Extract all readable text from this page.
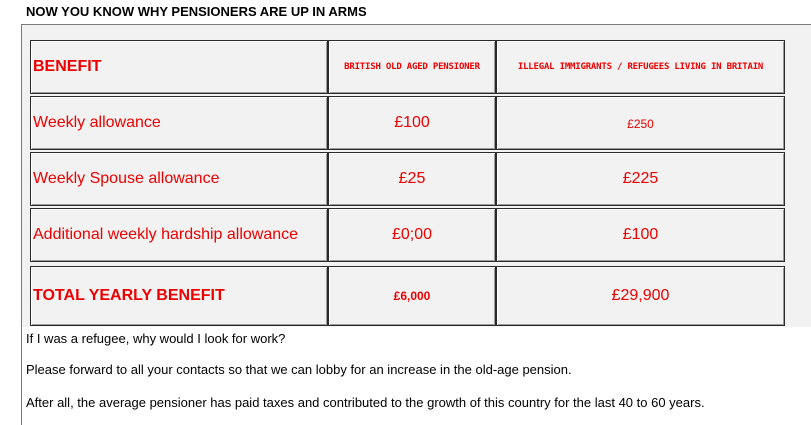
NOW YOU KNOW WHY PENSIONERS ARE UP IN ARMS
BENEFIT	BRITISH OLD AGED PENSIONER	ILLEGAL IMMIGRANTS / REFUGEES LIVING IN BRITAIN
Weekly allowance	£100	£250
Weekly Spouse allowance	£25	£225
Additional weekly hardship allowance	£0;00	£100
TOTAL YEARLY BENEFIT	£6,000	£29,900
If I was a refugee, why would I look for work?
Please forward to all your contacts so that we can lobby for an increase in the old-age pension.
After all, the average pensioner has paid taxes and contributed to the growth of this country for the last 40 to 60 years.
